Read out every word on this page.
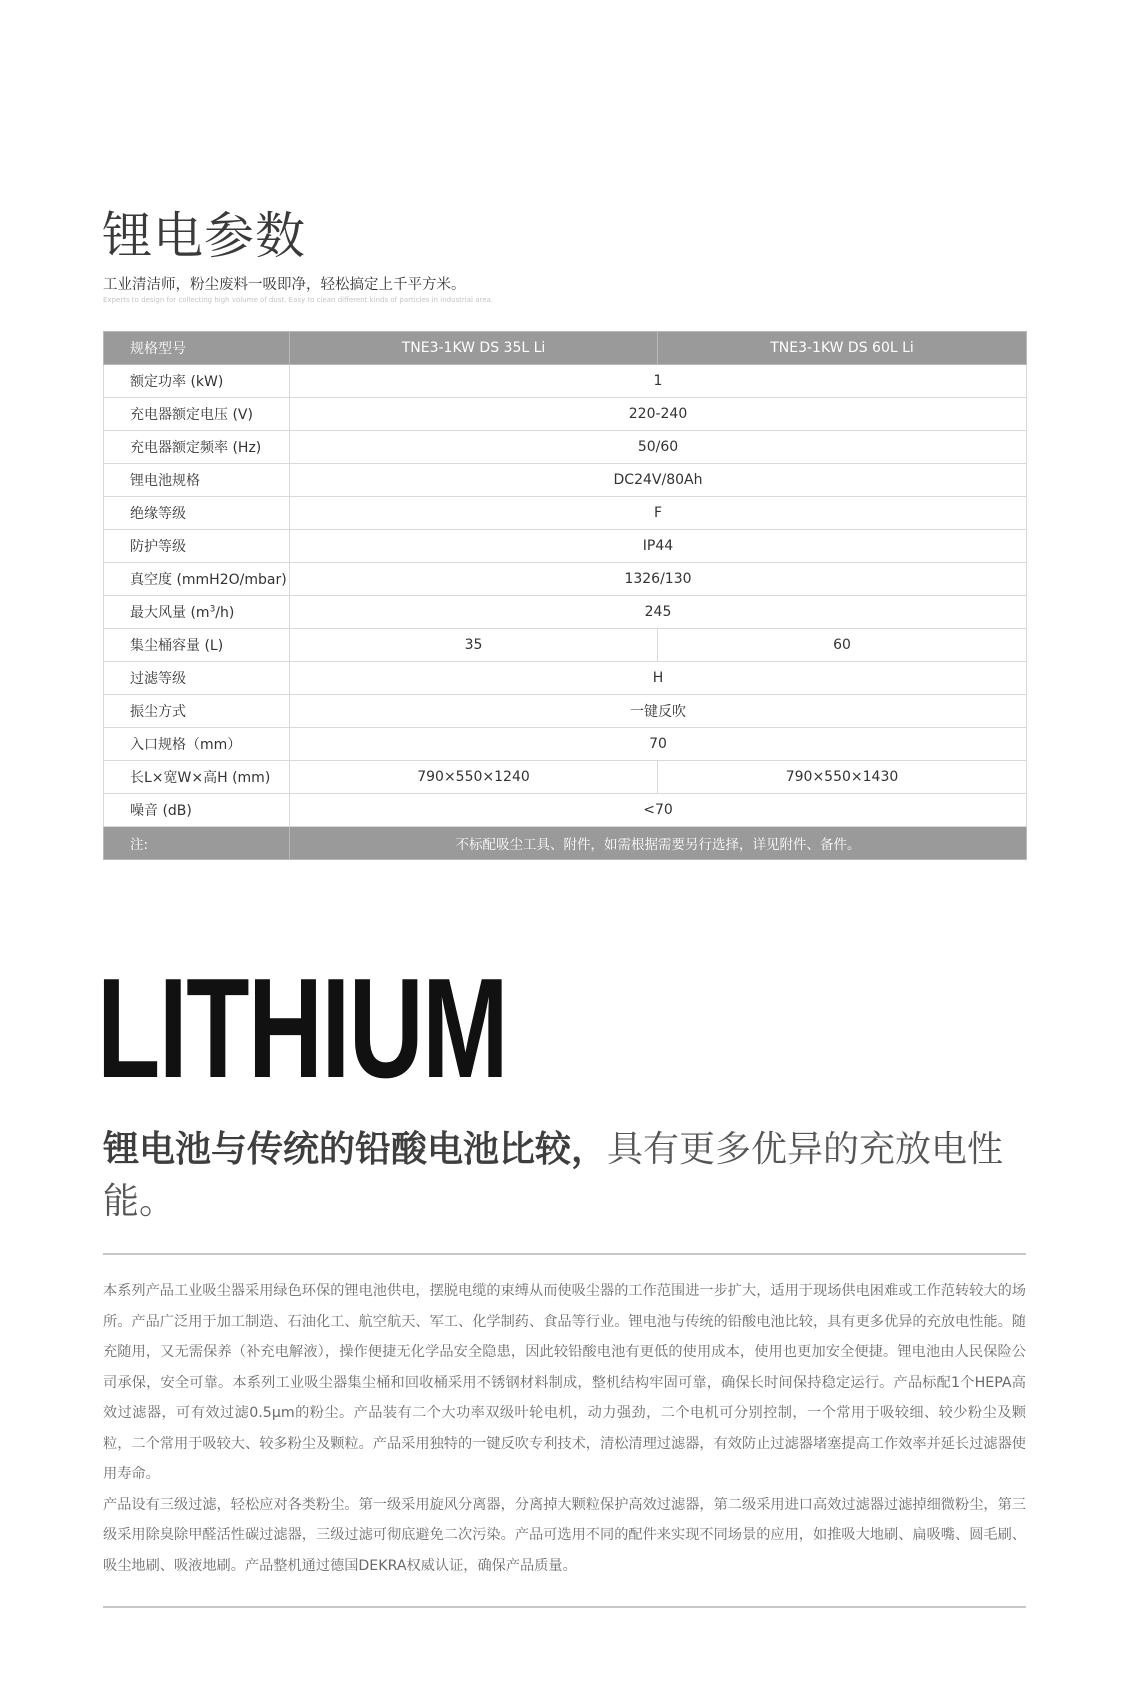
锂电参数
工业清洁师，粉尘废料一吸即净，轻松搞定上千平方米。
Experts to design for collecting high volume of dust. Easy to clean different kinds of particles in industrial area.
规格型号	TNE3-1KW DS 35L Li	TNE3-1KW DS 60L Li
额定功率 (kW)	1	
充电器额定电压 (V)	220-240	
充电器额定频率 (Hz)	50/60	
锂电池规格	DC24V/80Ah	
绝缘等级	F	
防护等级	IP44	
真空度 (mmH2O/mbar)	1326/130	
最大风量 $(m^3/h)$	245	
集尘桶容量 (L)	35	60
过滤等级	H	
振尘方式	一键反吹	
入口规格（mm）	70	
长L×宽W×高H (mm)	790×550×1240	790×550×1430
噪音 (dB)	<70	
注:	不标配吸尘工具、附件，如需根据需要另行选择，详见附件、备件。	
LITHIUM
锂电池与传统的铅酸电池比较，具有更多优异的充放电性能。

本系列产品工业吸尘器采用绿色环保的锂电池供电，摆脱电缆的束缚从而使吸尘器的工作范围进一步扩大，适用于现场供电困难或工作范转较大的场所。产品广泛用于加工制造、石油化工、航空航天、军工、化学制药、食品等行业。锂电池与传统的铅酸电池比较，具有更多优异的充放电性能。随充随用，又无需保养（补充电解液），操作便捷无化学品安全隐患，因此较铅酸电池有更低的使用成本，使用也更加安全便捷。锂电池由人民保险公司承保，安全可靠。本系列工业吸尘器集尘桶和回收桶采用不锈钢材料制成，整机结构牢固可靠，确保长时间保持稳定运行。产品标配1个HEPA高效过滤器，可有效过滤0.5μm的粉尘。产品装有二个大功率双级叶轮电机，动力强劲，二个电机可分别控制，一个常用于吸较细、较少粉尘及颗粒，二个常用于吸较大、较多粉尘及颗粒。产品采用独特的一键反吹专利技术，清松清理过滤器，有效防止过滤器堵塞提高工作效率并延长过滤器使用寿命。

产品设有三级过滤，轻松应对各类粉尘。第一级采用旋风分离器，分离掉大颗粒保护高效过滤器，第二级采用进口高效过滤器过滤掉细微粉尘，第三级采用除臭除甲醛活性碳过滤器，三级过滤可彻底避免二次污染。产品可选用不同的配件来实现不同场景的应用，如推吸大地刷、扁吸嘴、圆毛刷、吸尘地刷、吸液地刷。产品整机通过德国DEKRA权威认证，确保产品质量。
